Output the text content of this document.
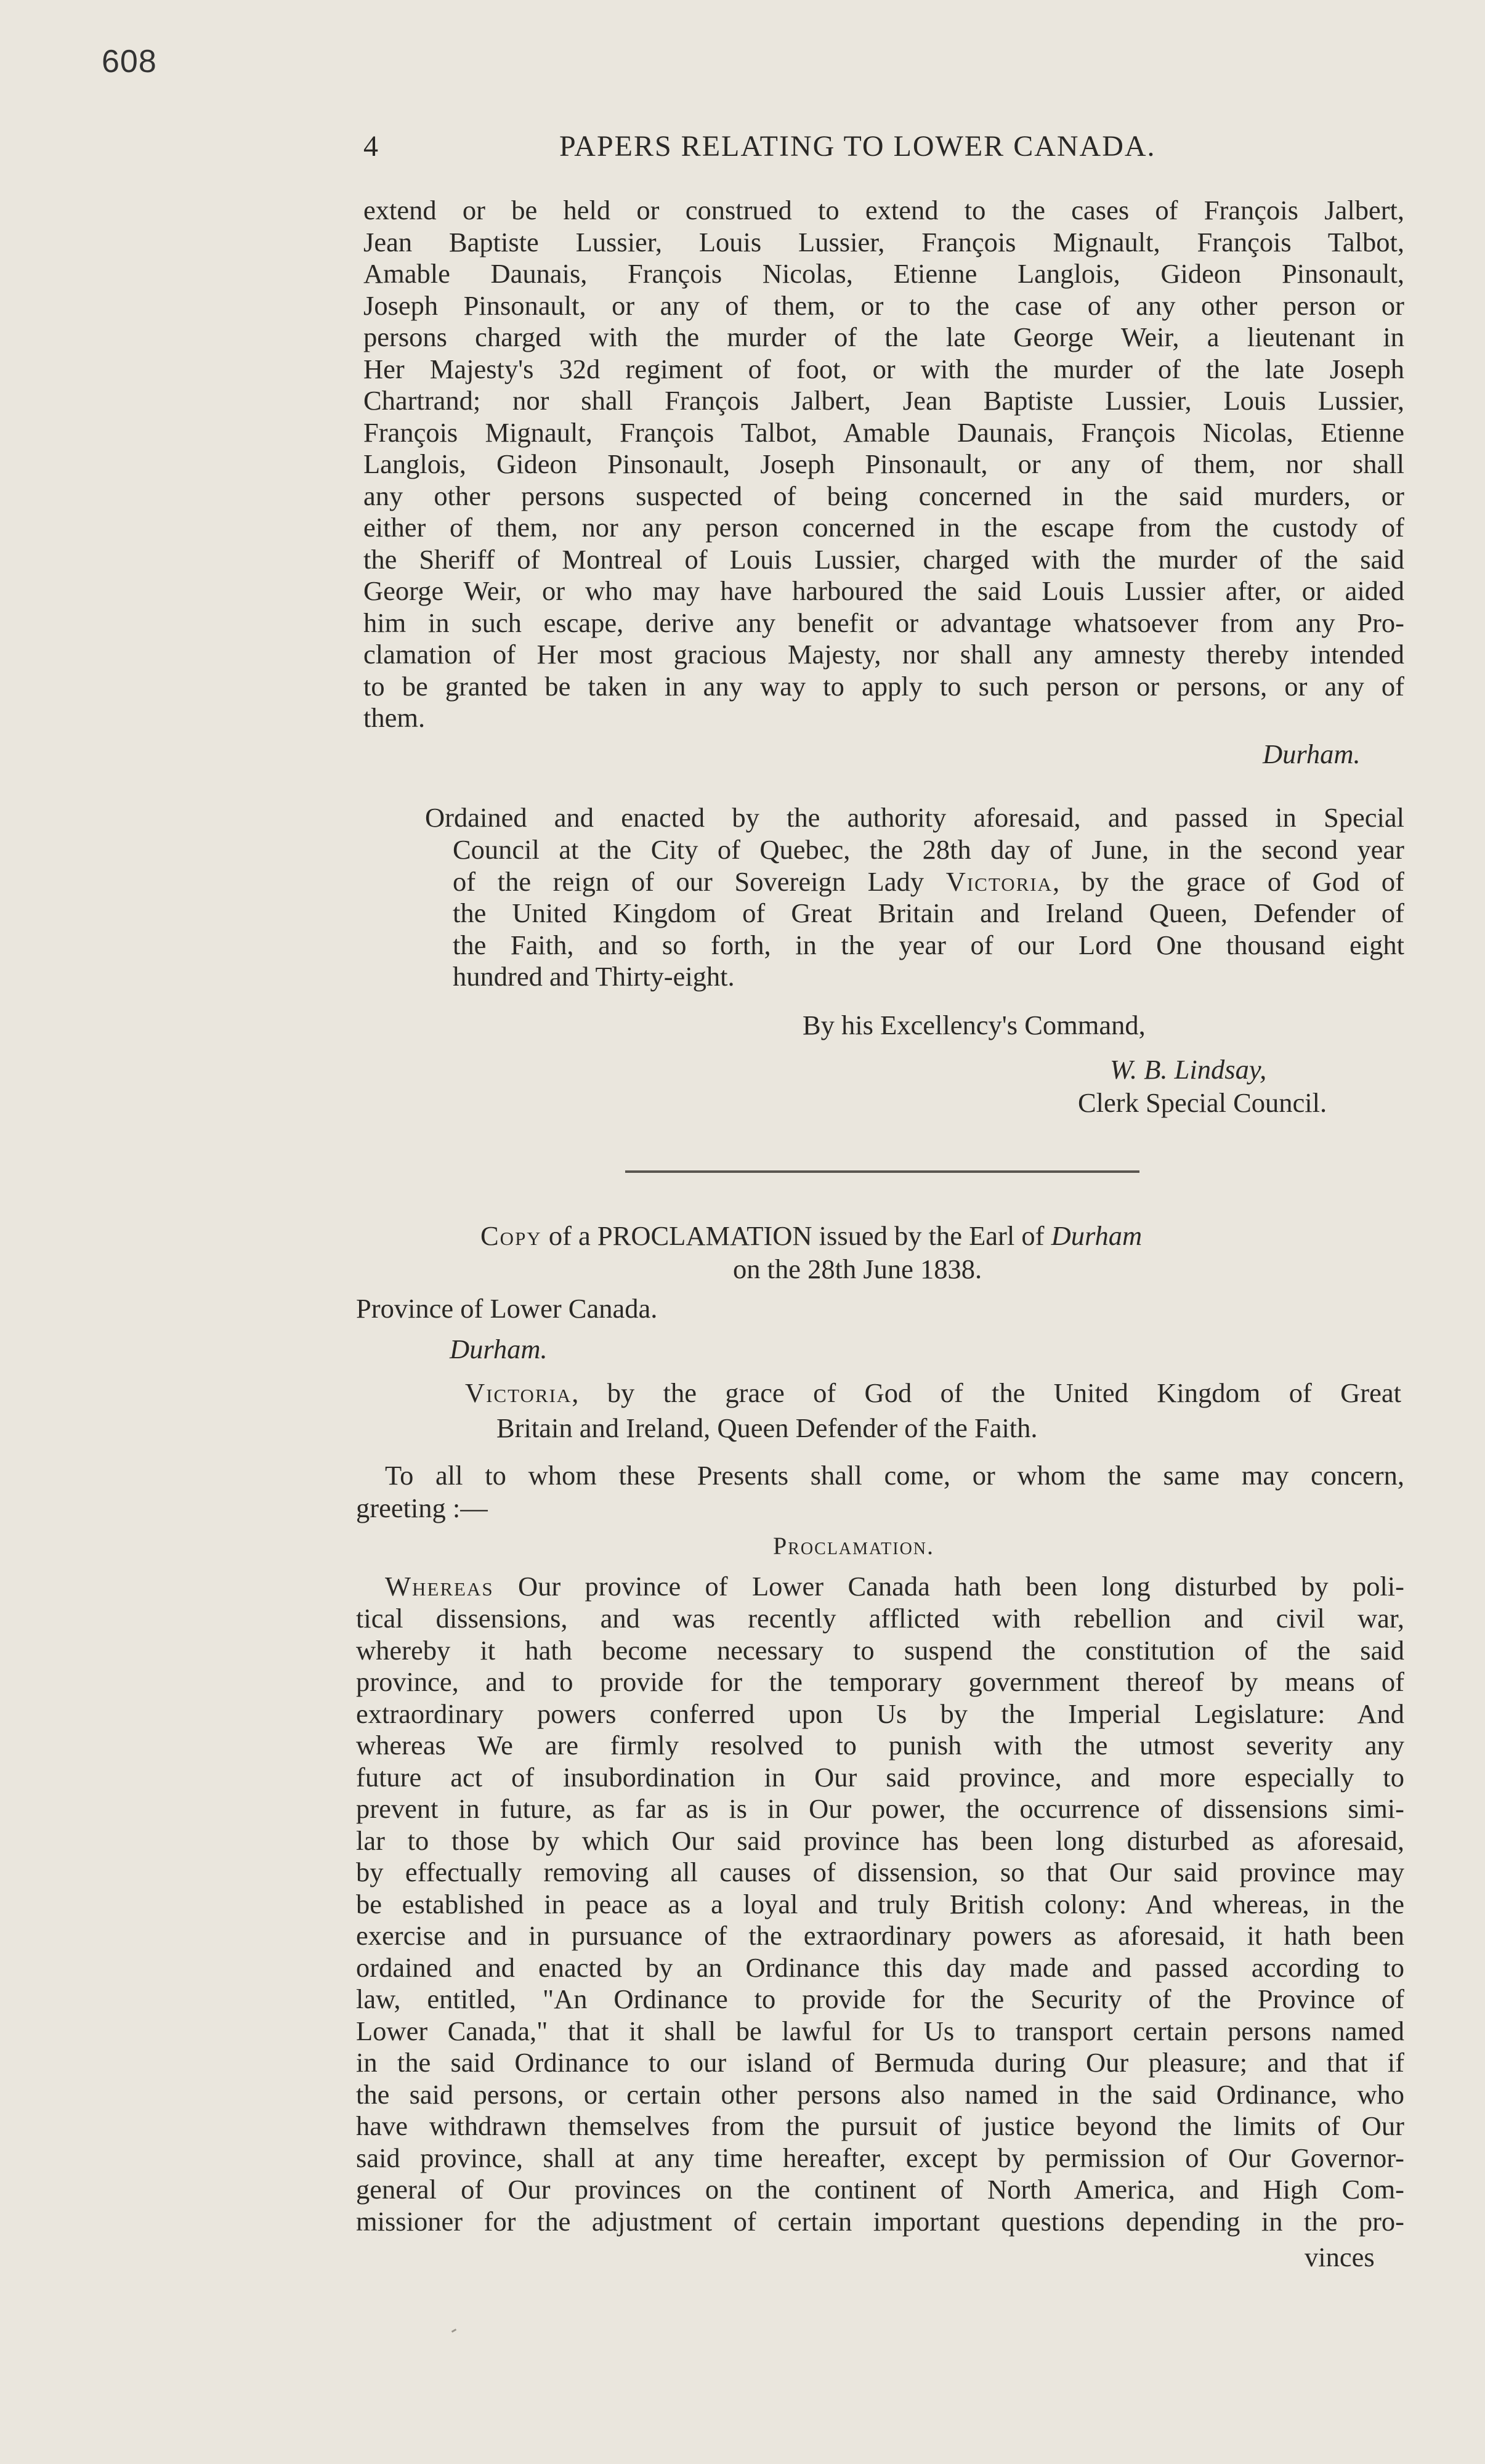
608
4	PAPERS RELATING TO LOWER CANADA.
extend or be held or construed to extend to the cases of François Jalbert,
Jean Baptiste Lussier, Louis Lussier, François Mignault, François Talbot,
Amable Daunais, François Nicolas, Etienne Langlois, Gideon Pinsonault,
Joseph Pinsonault, or any of them, or to the case of any other person or
persons charged with the murder of the late George Weir, a lieutenant in
Her Majesty's 32d regiment of foot, or with the murder of the late Joseph
Chartrand; nor shall François Jalbert, Jean Baptiste Lussier, Louis Lussier,
François Mignault, François Talbot, Amable Daunais, François Nicolas, Etienne
Langlois, Gideon Pinsonault, Joseph Pinsonault, or any of them, nor shall
any other persons suspected of being concerned in the said murders, or
either of them, nor any person concerned in the escape from the custody of
the Sheriff of Montreal of Louis Lussier, charged with the murder of the said
George Weir, or who may have harboured the said Louis Lussier after, or aided
him in such escape, derive any benefit or advantage whatsoever from any Pro-
clamation of Her most gracious Majesty, nor shall any amnesty thereby intended
to be granted be taken in any way to apply to such person or persons, or any of
them.
Durham.
Ordained and enacted by the authority aforesaid, and passed in Special
Council at the City of Quebec, the 28th day of June, in the second year
of the reign of our Sovereign Lady Victoria, by the grace of God of
the United Kingdom of Great Britain and Ireland Queen, Defender of
the Faith, and so forth, in the year of our Lord One thousand eight
hundred and Thirty-eight.
By his Excellency's Command,
W. B. Lindsay,
Clerk Special Council.
Copy of a PROCLAMATION issued by the Earl of Durham
on the 28th June 1838.
Province of Lower Canada.
Durham.
Victoria, by the grace of God of the United Kingdom of Great
Britain and Ireland, Queen Defender of the Faith.
To all to whom these Presents shall come, or whom the same may concern,
greeting :—
Proclamation.
Whereas Our province of Lower Canada hath been long disturbed by poli-
tical dissensions, and was recently afflicted with rebellion and civil war,
whereby it hath become necessary to suspend the constitution of the said
province, and to provide for the temporary government thereof by means of
extraordinary powers conferred upon Us by the Imperial Legislature: And
whereas We are firmly resolved to punish with the utmost severity any
future act of insubordination in Our said province, and more especially to
prevent in future, as far as is in Our power, the occurrence of dissensions simi-
lar to those by which Our said province has been long disturbed as aforesaid,
by effectually removing all causes of dissension, so that Our said province may
be established in peace as a loyal and truly British colony: And whereas, in the
exercise and in pursuance of the extraordinary powers as aforesaid, it hath been
ordained and enacted by an Ordinance this day made and passed according to
law, entitled, "An Ordinance to provide for the Security of the Province of
Lower Canada," that it shall be lawful for Us to transport certain persons named
in the said Ordinance to our island of Bermuda during Our pleasure; and that if
the said persons, or certain other persons also named in the said Ordinance, who
have withdrawn themselves from the pursuit of justice beyond the limits of Our
said province, shall at any time hereafter, except by permission of Our Governor-
general of Our provinces on the continent of North America, and High Com-
missioner for the adjustment of certain important questions depending in the pro-
vinces
